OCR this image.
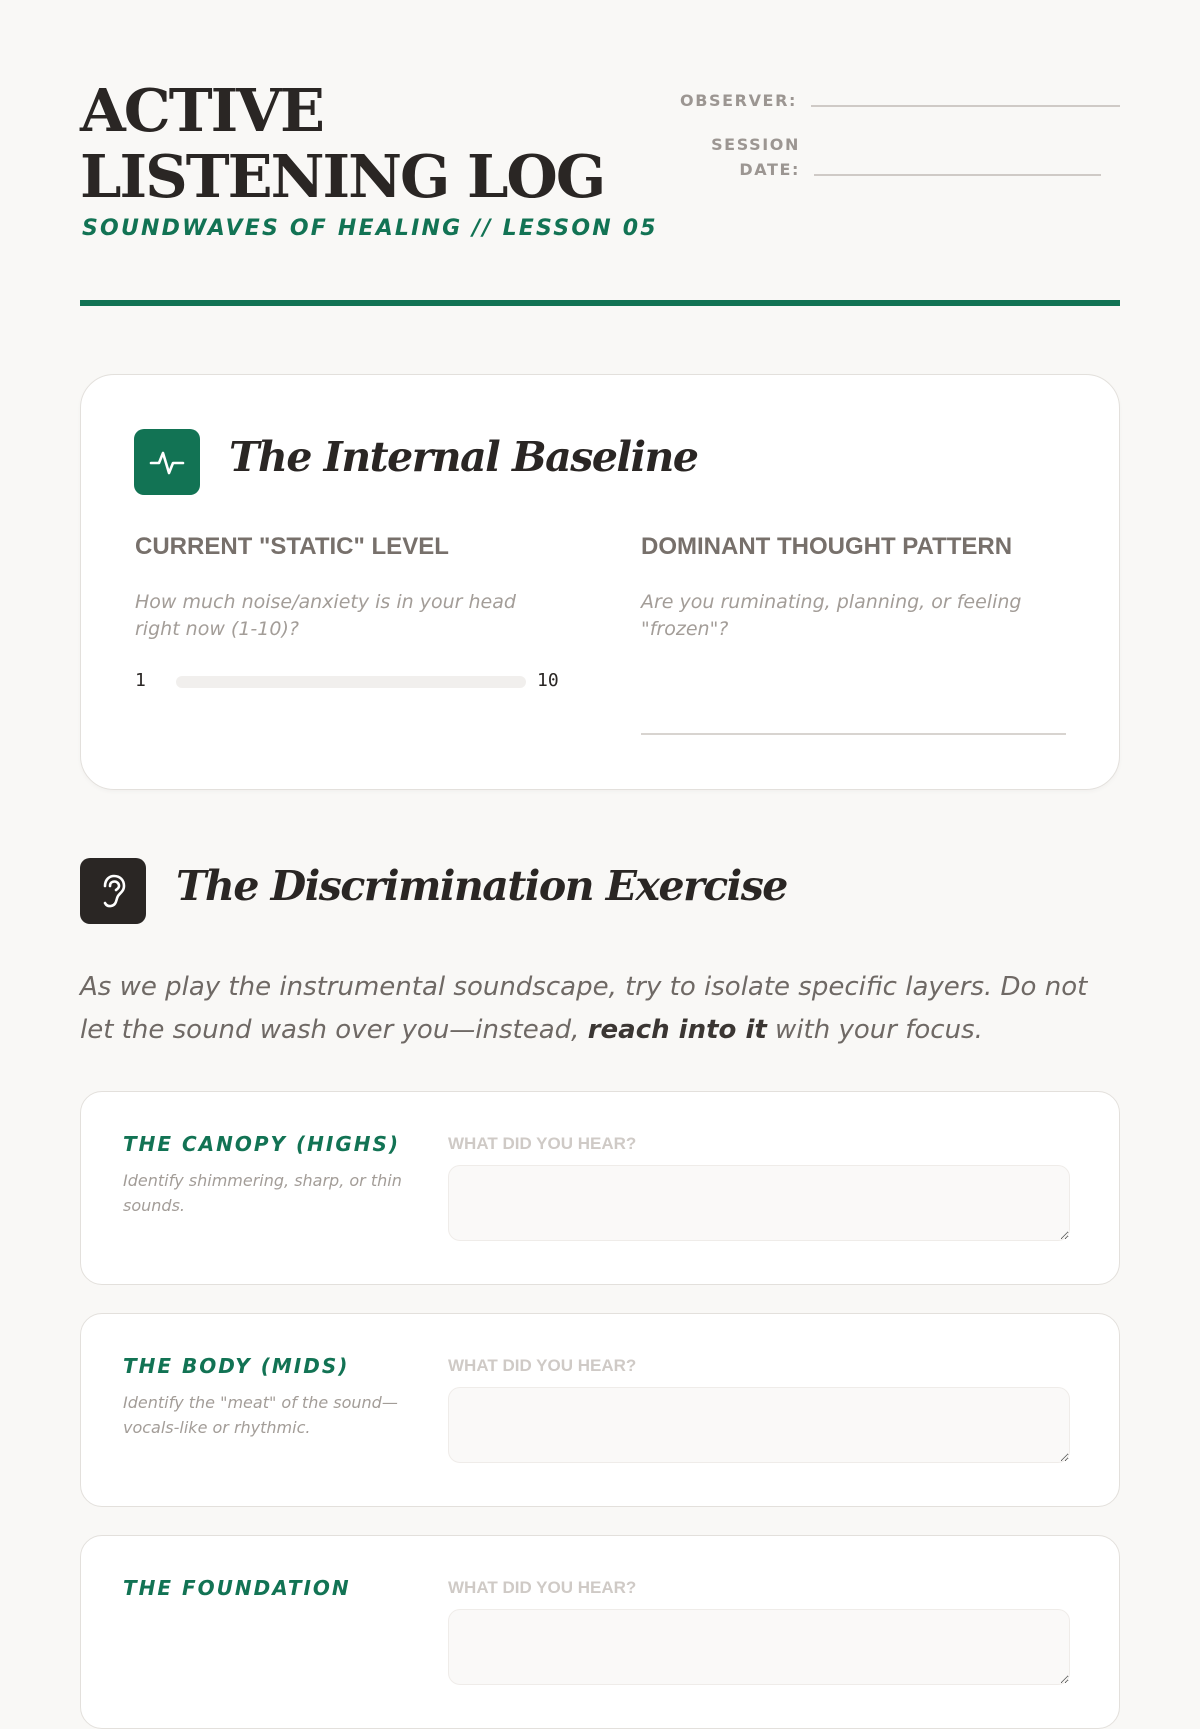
ACTIVE LISTENING LOG
SOUNDWAVES OF HEALING // LESSON 05
OBSERVER:
SESSION DATE:
The Internal Baseline
CURRENT "STATIC" LEVEL
How much noise/anxiety is in your head right now (1-10)?
1	10
DOMINANT THOUGHT PATTERN
Are you ruminating, planning, or feeling "frozen"?
The Discrimination Exercise

As we play the instrumental soundscape, try to isolate specific layers. Do not let the sound wash over you—instead, reach into it with your focus.

THE CANOPY (HIGHS)
Identify shimmering, sharp, or thin sounds.
WHAT DID YOU HEAR?
THE BODY (MIDS)
Identify the "meat" of the sound—vocals-like or rhythmic.
WHAT DID YOU HEAR?
THE FOUNDATION	WHAT DID YOU HEAR?
